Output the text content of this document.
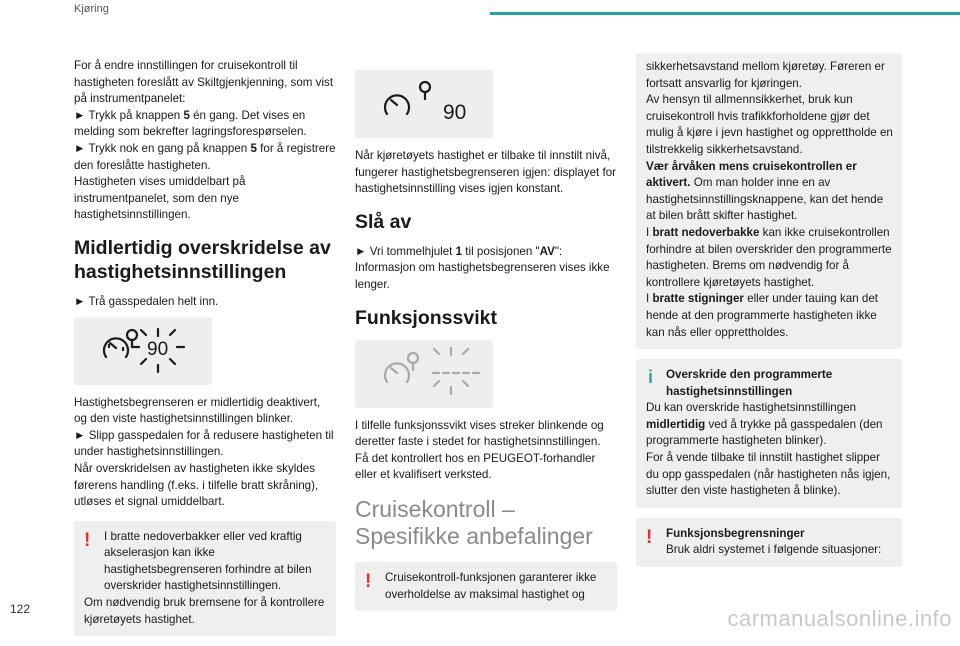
Kjøring

For å endre innstillingen for cruisekontroll til hastigheten foreslått av Skiltgjenkjenning, som vist på instrumentpanelet:

► Trykk på knappen 5 én gang. Det vises en melding som bekrefter lagringsforespørselen.

► Trykk nok en gang på knappen 5 for å registrere den foreslåtte hastigheten.

Hastigheten vises umiddelbart på instrumentpanelet, som den nye hastighetsinnstillingen.

Midlertidig overskridelse av hastighetsinnstillingen

► Trå gasspedalen helt inn.

90

Hastighetsbegrenseren er midlertidig deaktivert, og den viste hastighetsinnstillingen blinker.

► Slipp gasspedalen for å redusere hastigheten til under hastighetsinnstillingen.

Når overskridelsen av hastigheten ikke skyldes førerens handling (f.eks. i tilfelle bratt skråning), utløses et signal umiddelbart.

!	I bratte nedoverbakker eller ved kraftig akselerasjon kan ikke hastighetsbegrenseren forhindre at bilen overskrider hastighetsinnstillingen.

Om nødvendig bruk bremsene for å kontrollere kjøretøyets hastighet.

90

Når kjøretøyets hastighet er tilbake til innstilt nivå, fungerer hastighetsbegrenseren igjen: displayet for hastighetsinnstilling vises igjen konstant.

Slå av

► Vri tommelhjulet 1 til posisjonen "AV": Informasjon om hastighetsbegrenseren vises ikke lenger.

Funksjonssvikt

I tilfelle funksjonssvikt vises streker blinkende og deretter faste i stedet for hastighetsinnstillingen. Få det kontrollert hos en PEUGEOT-forhandler eller et kvalifisert verksted.

Cruisekontroll – Spesifikke anbefalinger
!	Cruisekontroll-funksjonen garanterer ikke overholdelse av maksimal hastighet og

sikkerhetsavstand mellom kjøretøy. Føreren er fortsatt ansvarlig for kjøringen.

Av hensyn til allmennsikkerhet, bruk kun cruisekontroll hvis trafikkforholdene gjør det mulig å kjøre i jevn hastighet og opprettholde en tilstrekkelig sikkerhetsavstand.

Vær årvåken mens cruisekontrollen er aktivert. Om man holder inne en av hastighetsinnstillingsknappene, kan det hende at bilen brått skifter hastighet.

I bratt nedoverbakke kan ikke cruisekontrollen forhindre at bilen overskrider den programmerte hastigheten. Brems om nødvendig for å kontrollere kjøretøyets hastighet.

I bratte stigninger eller under tauing kan det hende at den programmerte hastigheten ikke kan nås eller opprettholdes.

i	Overskride den programmerte hastighetsinnstillingen

Du kan overskride hastighetsinnstillingen midlertidig ved å trykke på gasspedalen (den programmerte hastigheten blinker).

For å vende tilbake til innstilt hastighet slipper du opp gasspedalen (når hastigheten nås igjen, slutter den viste hastigheten å blinke).

!	Funksjonsbegrensninger

Bruk aldri systemet i følgende situasjoner:

122	carmanualsonline.info
